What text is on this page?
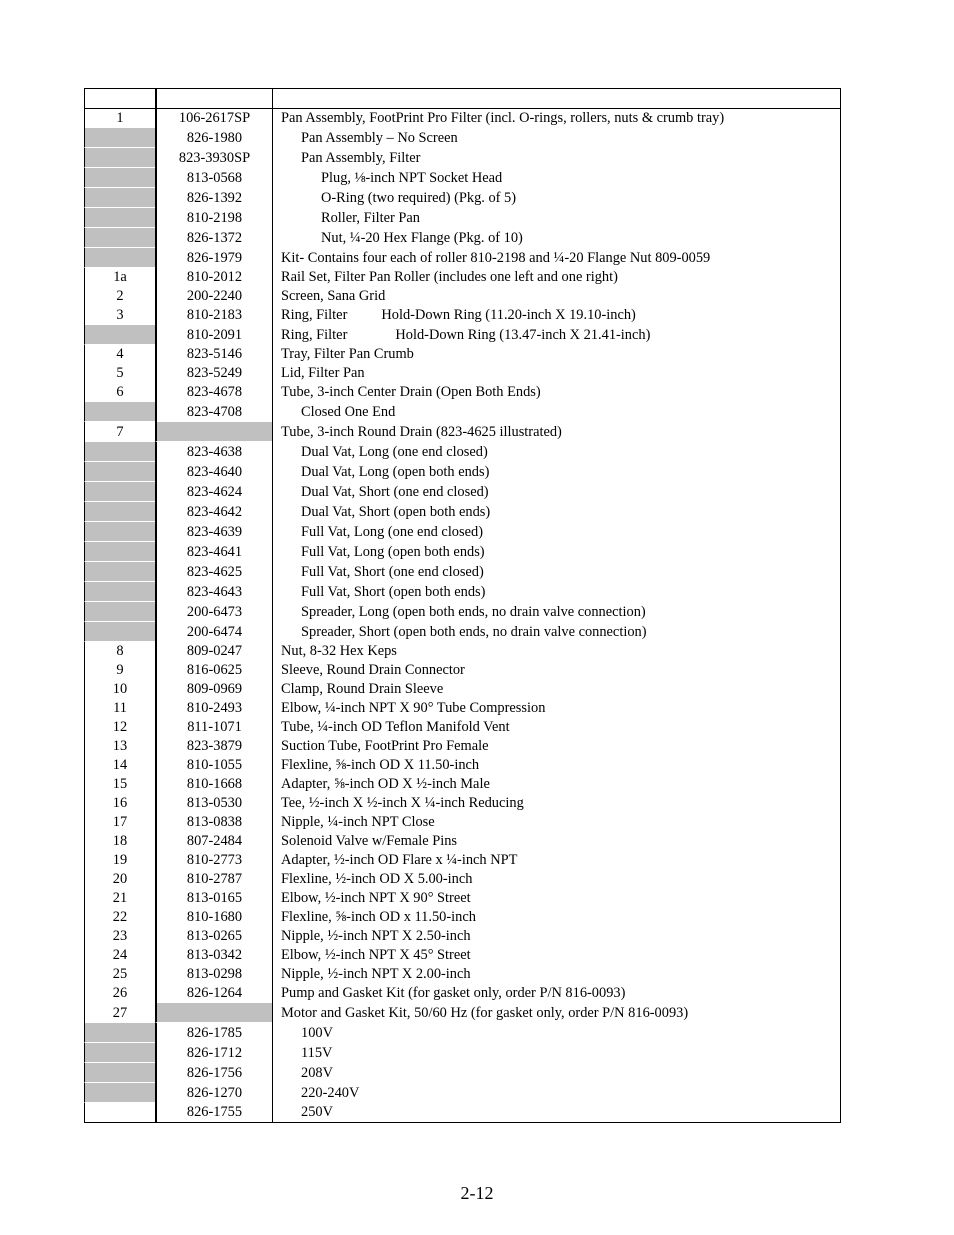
1	106-2617SP	Pan Assembly, FootPrint Pro Filter (incl. O-rings, rollers, nuts & crumb tray)
	826-1980	Pan Assembly – No Screen
	823-3930SP	Pan Assembly, Filter
	813-0568	Plug, ⅛-inch NPT Socket Head
	826-1392	O-Ring (two required) (Pkg. of 5)
	810-2198	Roller, Filter Pan
	826-1372	Nut, ¼-20 Hex Flange (Pkg. of 10)
	826-1979	Kit- Contains four each of roller 810-2198 and ¼-20 Flange Nut 809-0059
1a	810-2012	Rail Set, Filter Pan Roller (includes one left and one right)
2	200-2240	Screen, Sana Grid
3	810-2183	Ring, Filter Hold-Down Ring (11.20-inch X 19.10-inch)
	810-2091	Ring, Filter Hold-Down Ring (13.47-inch X 21.41-inch)
4	823-5146	Tray, Filter Pan Crumb
5	823-5249	Lid, Filter Pan
6	823-4678	Tube, 3-inch Center Drain (Open Both Ends)
	823-4708	Closed One End
7		Tube, 3-inch Round Drain (823-4625 illustrated)
	823-4638	Dual Vat, Long (one end closed)
	823-4640	Dual Vat, Long (open both ends)
	823-4624	Dual Vat, Short (one end closed)
	823-4642	Dual Vat, Short (open both ends)
	823-4639	Full Vat, Long (one end closed)
	823-4641	Full Vat, Long (open both ends)
	823-4625	Full Vat, Short (one end closed)
	823-4643	Full Vat, Short (open both ends)
	200-6473	Spreader, Long (open both ends, no drain valve connection)
	200-6474	Spreader, Short (open both ends, no drain valve connection)
8	809-0247	Nut, 8-32 Hex Keps
9	816-0625	Sleeve, Round Drain Connector
10	809-0969	Clamp, Round Drain Sleeve
11	810-2493	Elbow, ¼-inch NPT X 90° Tube Compression
12	811-1071	Tube, ¼-inch OD Teflon Manifold Vent
13	823-3879	Suction Tube, FootPrint Pro Female
14	810-1055	Flexline, ⅝-inch OD X 11.50-inch
15	810-1668	Adapter, ⅝-inch OD X ½-inch Male
16	813-0530	Tee, ½-inch X ½-inch X ¼-inch Reducing
17	813-0838	Nipple, ¼-inch NPT Close
18	807-2484	Solenoid Valve w/Female Pins
19	810-2773	Adapter, ½-inch OD Flare x ¼-inch NPT
20	810-2787	Flexline, ½-inch OD X 5.00-inch
21	813-0165	Elbow, ½-inch NPT X 90° Street
22	810-1680	Flexline, ⅝-inch OD x 11.50-inch
23	813-0265	Nipple, ½-inch NPT X 2.50-inch
24	813-0342	Elbow, ½-inch NPT X 45° Street
25	813-0298	Nipple, ½-inch NPT X 2.00-inch
26	826-1264	Pump and Gasket Kit (for gasket only, order P/N 816-0093)
27		Motor and Gasket Kit, 50/60 Hz (for gasket only, order P/N 816-0093)
	826-1785	100V
	826-1712	115V
	826-1756	208V
	826-1270	220-240V
	826-1755	250V
2-12
